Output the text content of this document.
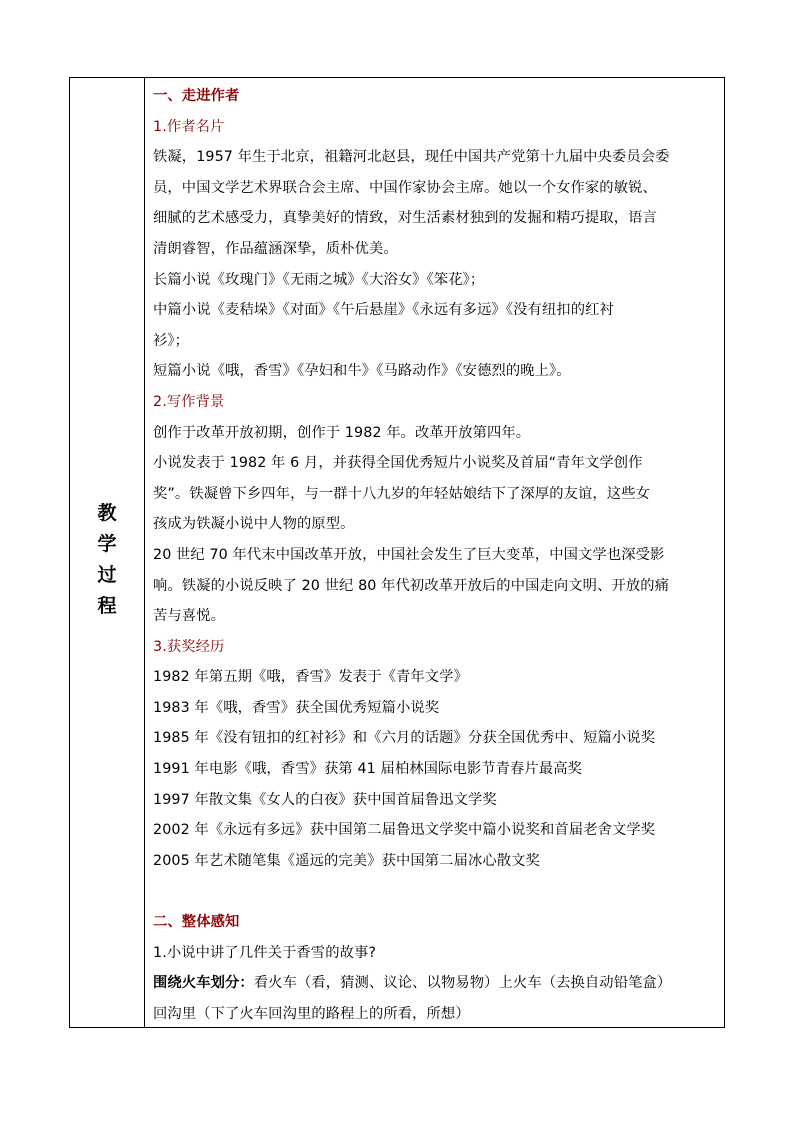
教学过程
一、走进作者
1.作者名片
铁凝，1957 年生于北京，祖籍河北赵县，现任中国共产党第十九届中央委员会委
员，中国文学艺术界联合会主席、中国作家协会主席。她以一个女作家的敏锐、
细腻的艺术感受力，真挚美好的情致，对生活素材独到的发掘和精巧提取，语言
清朗睿智，作品蕴涵深挚，质朴优美。
长篇小说《玫瑰门》《无雨之城》《大浴女》《笨花》；
中篇小说《麦秸垛》《对面》《午后悬崖》《永远有多远》《没有纽扣的红衬
衫》；
短篇小说《哦，香雪》《孕妇和牛》《马路动作》《安德烈的晚上》。
2.写作背景
创作于改革开放初期，创作于 1982 年。改革开放第四年。
小说发表于 1982 年 6 月，并获得全国优秀短片小说奖及首届“青年文学创作
奖”。铁凝曾下乡四年，与一群十八九岁的年轻姑娘结下了深厚的友谊，这些女
孩成为铁凝小说中人物的原型。
20 世纪 70 年代末中国改革开放，中国社会发生了巨大变革，中国文学也深受影
响。铁凝的小说反映了 20 世纪 80 年代初改革开放后的中国走向文明、开放的痛
苦与喜悦。
3.获奖经历
1982 年第五期《哦，香雪》发表于《青年文学》
1983 年《哦，香雪》获全国优秀短篇小说奖
1985 年《没有钮扣的红衬衫》和《六月的话题》分获全国优秀中、短篇小说奖
1991 年电影《哦，香雪》获第 41 届柏林国际电影节青春片最高奖
1997 年散文集《女人的白夜》获中国首届鲁迅文学奖
2002 年《永远有多远》获中国第二届鲁迅文学奖中篇小说奖和首届老舍文学奖
2005 年艺术随笔集《遥远的完美》获中国第二届冰心散文奖
二、整体感知
1.小说中讲了几件关于香雪的故事?
围绕火车划分：看火车（看，猜测、议论、以物易物）上火车（去换自动铅笔盒）
回沟里（下了火车回沟里的路程上的所看，所想）
